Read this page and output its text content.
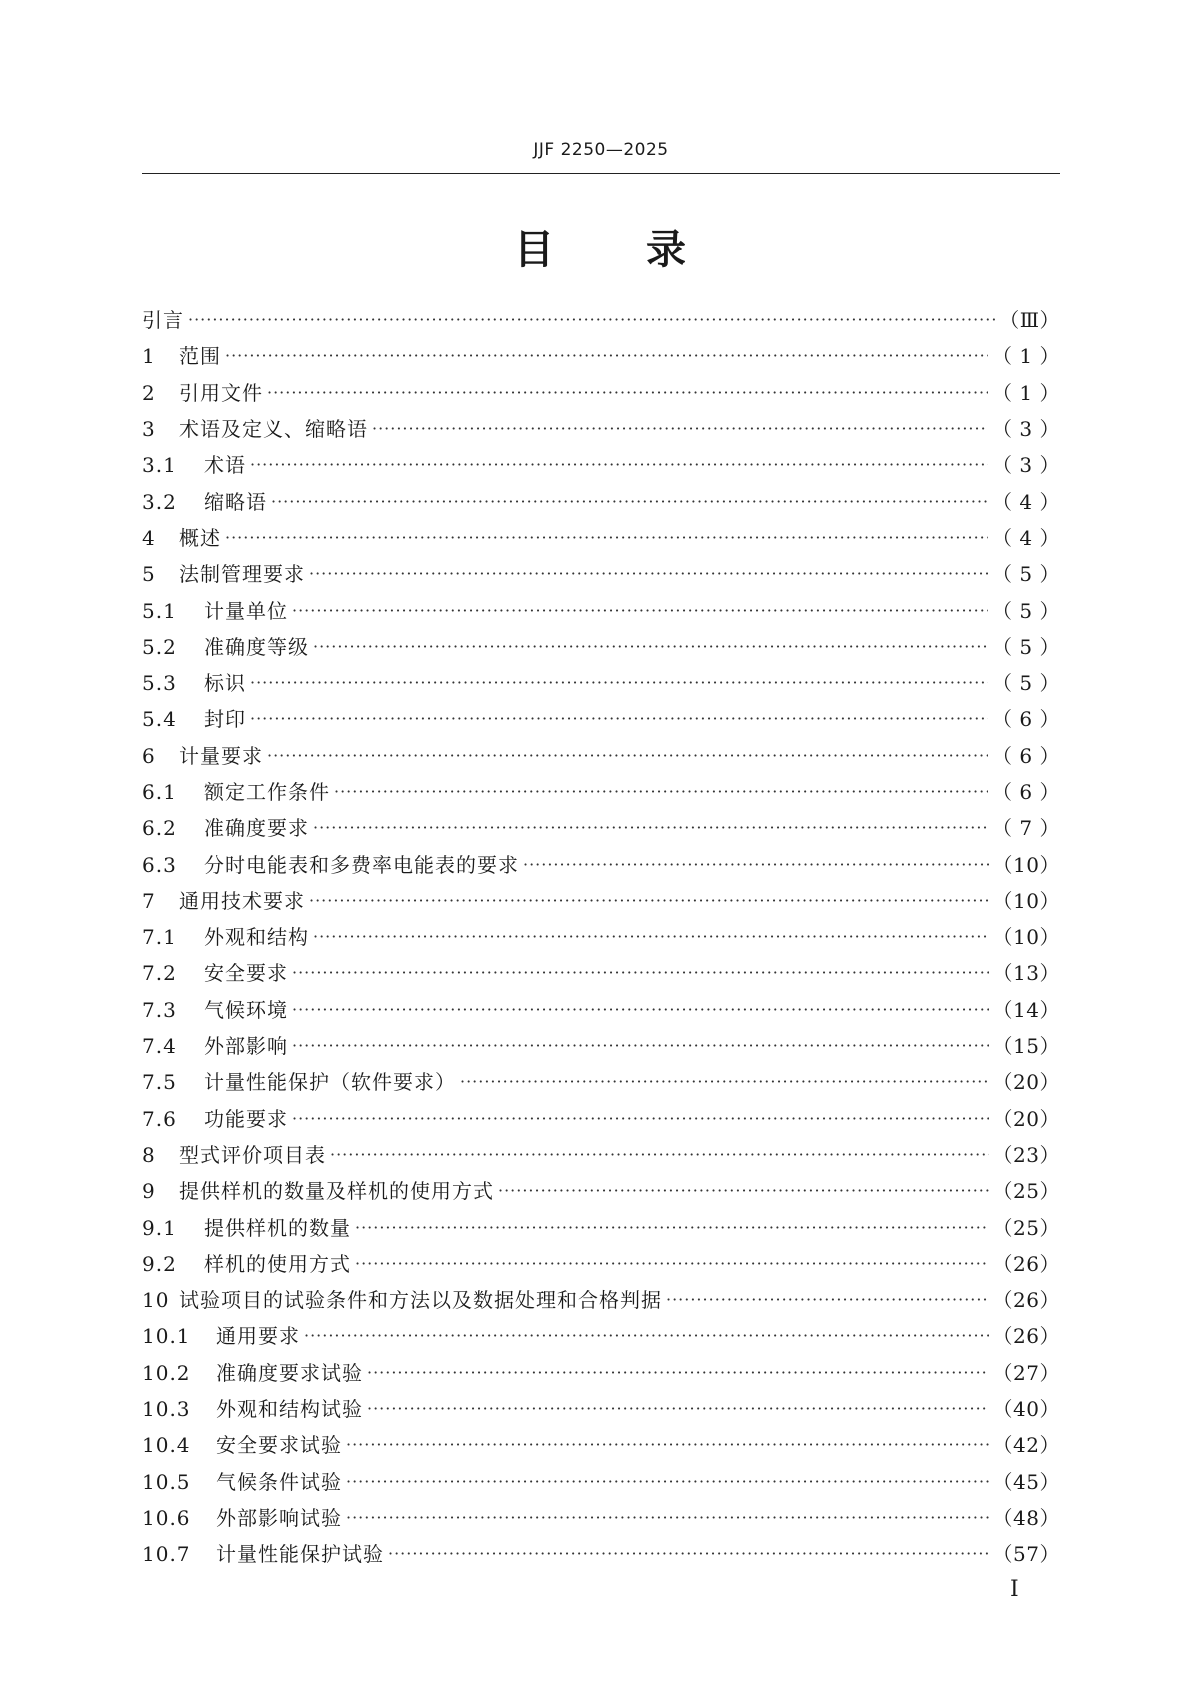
JJF 2250—2025
目 录
引言 ·····	（Ⅲ）
1	范围 ·····	（ 1 ）
2	引用文件 ·····	（ 1 ）
3	术语及定义、缩略语 ·····	（ 3 ）
3.1	术语 ·····	（ 3 ）
3.2	缩略语 ·····	（ 4 ）
4	概述 ·····	（ 4 ）
5	法制管理要求 ·····	（ 5 ）
5.1	计量单位 ·····	（ 5 ）
5.2	准确度等级 ·····	（ 5 ）
5.3	标识 ·····	（ 5 ）
5.4	封印 ·····	（ 6 ）
6	计量要求 ·····	（ 6 ）
6.1	额定工作条件 ·····	（ 6 ）
6.2	准确度要求 ·····	（ 7 ）
6.3	分时电能表和多费率电能表的要求 ·····	（10）
7	通用技术要求 ·····	（10）
7.1	外观和结构 ·····	（10）
7.2	安全要求 ·····	（13）
7.3	气候环境 ·····	（14）
7.4	外部影响 ·····	（15）
7.5	计量性能保护（软件要求） ·····	（20）
7.6	功能要求 ·····	（20）
8	型式评价项目表 ·····	（23）
9	提供样机的数量及样机的使用方式 ·····	（25）
9.1	提供样机的数量 ·····	（25）
9.2	样机的使用方式 ·····	（26）
10 试验项目的试验条件和方法以及数据处理和合格判据 ·····	（26）
10.1	通用要求 ·····	（26）
10.2	准确度要求试验 ·····	（27）
10.3	外观和结构试验 ·····	（40）
10.4	安全要求试验 ·····	（42）
10.5	气候条件试验 ·····	（45）
10.6	外部影响试验 ·····	（48）
10.7	计量性能保护试验 ·····	（57）
Ⅰ
